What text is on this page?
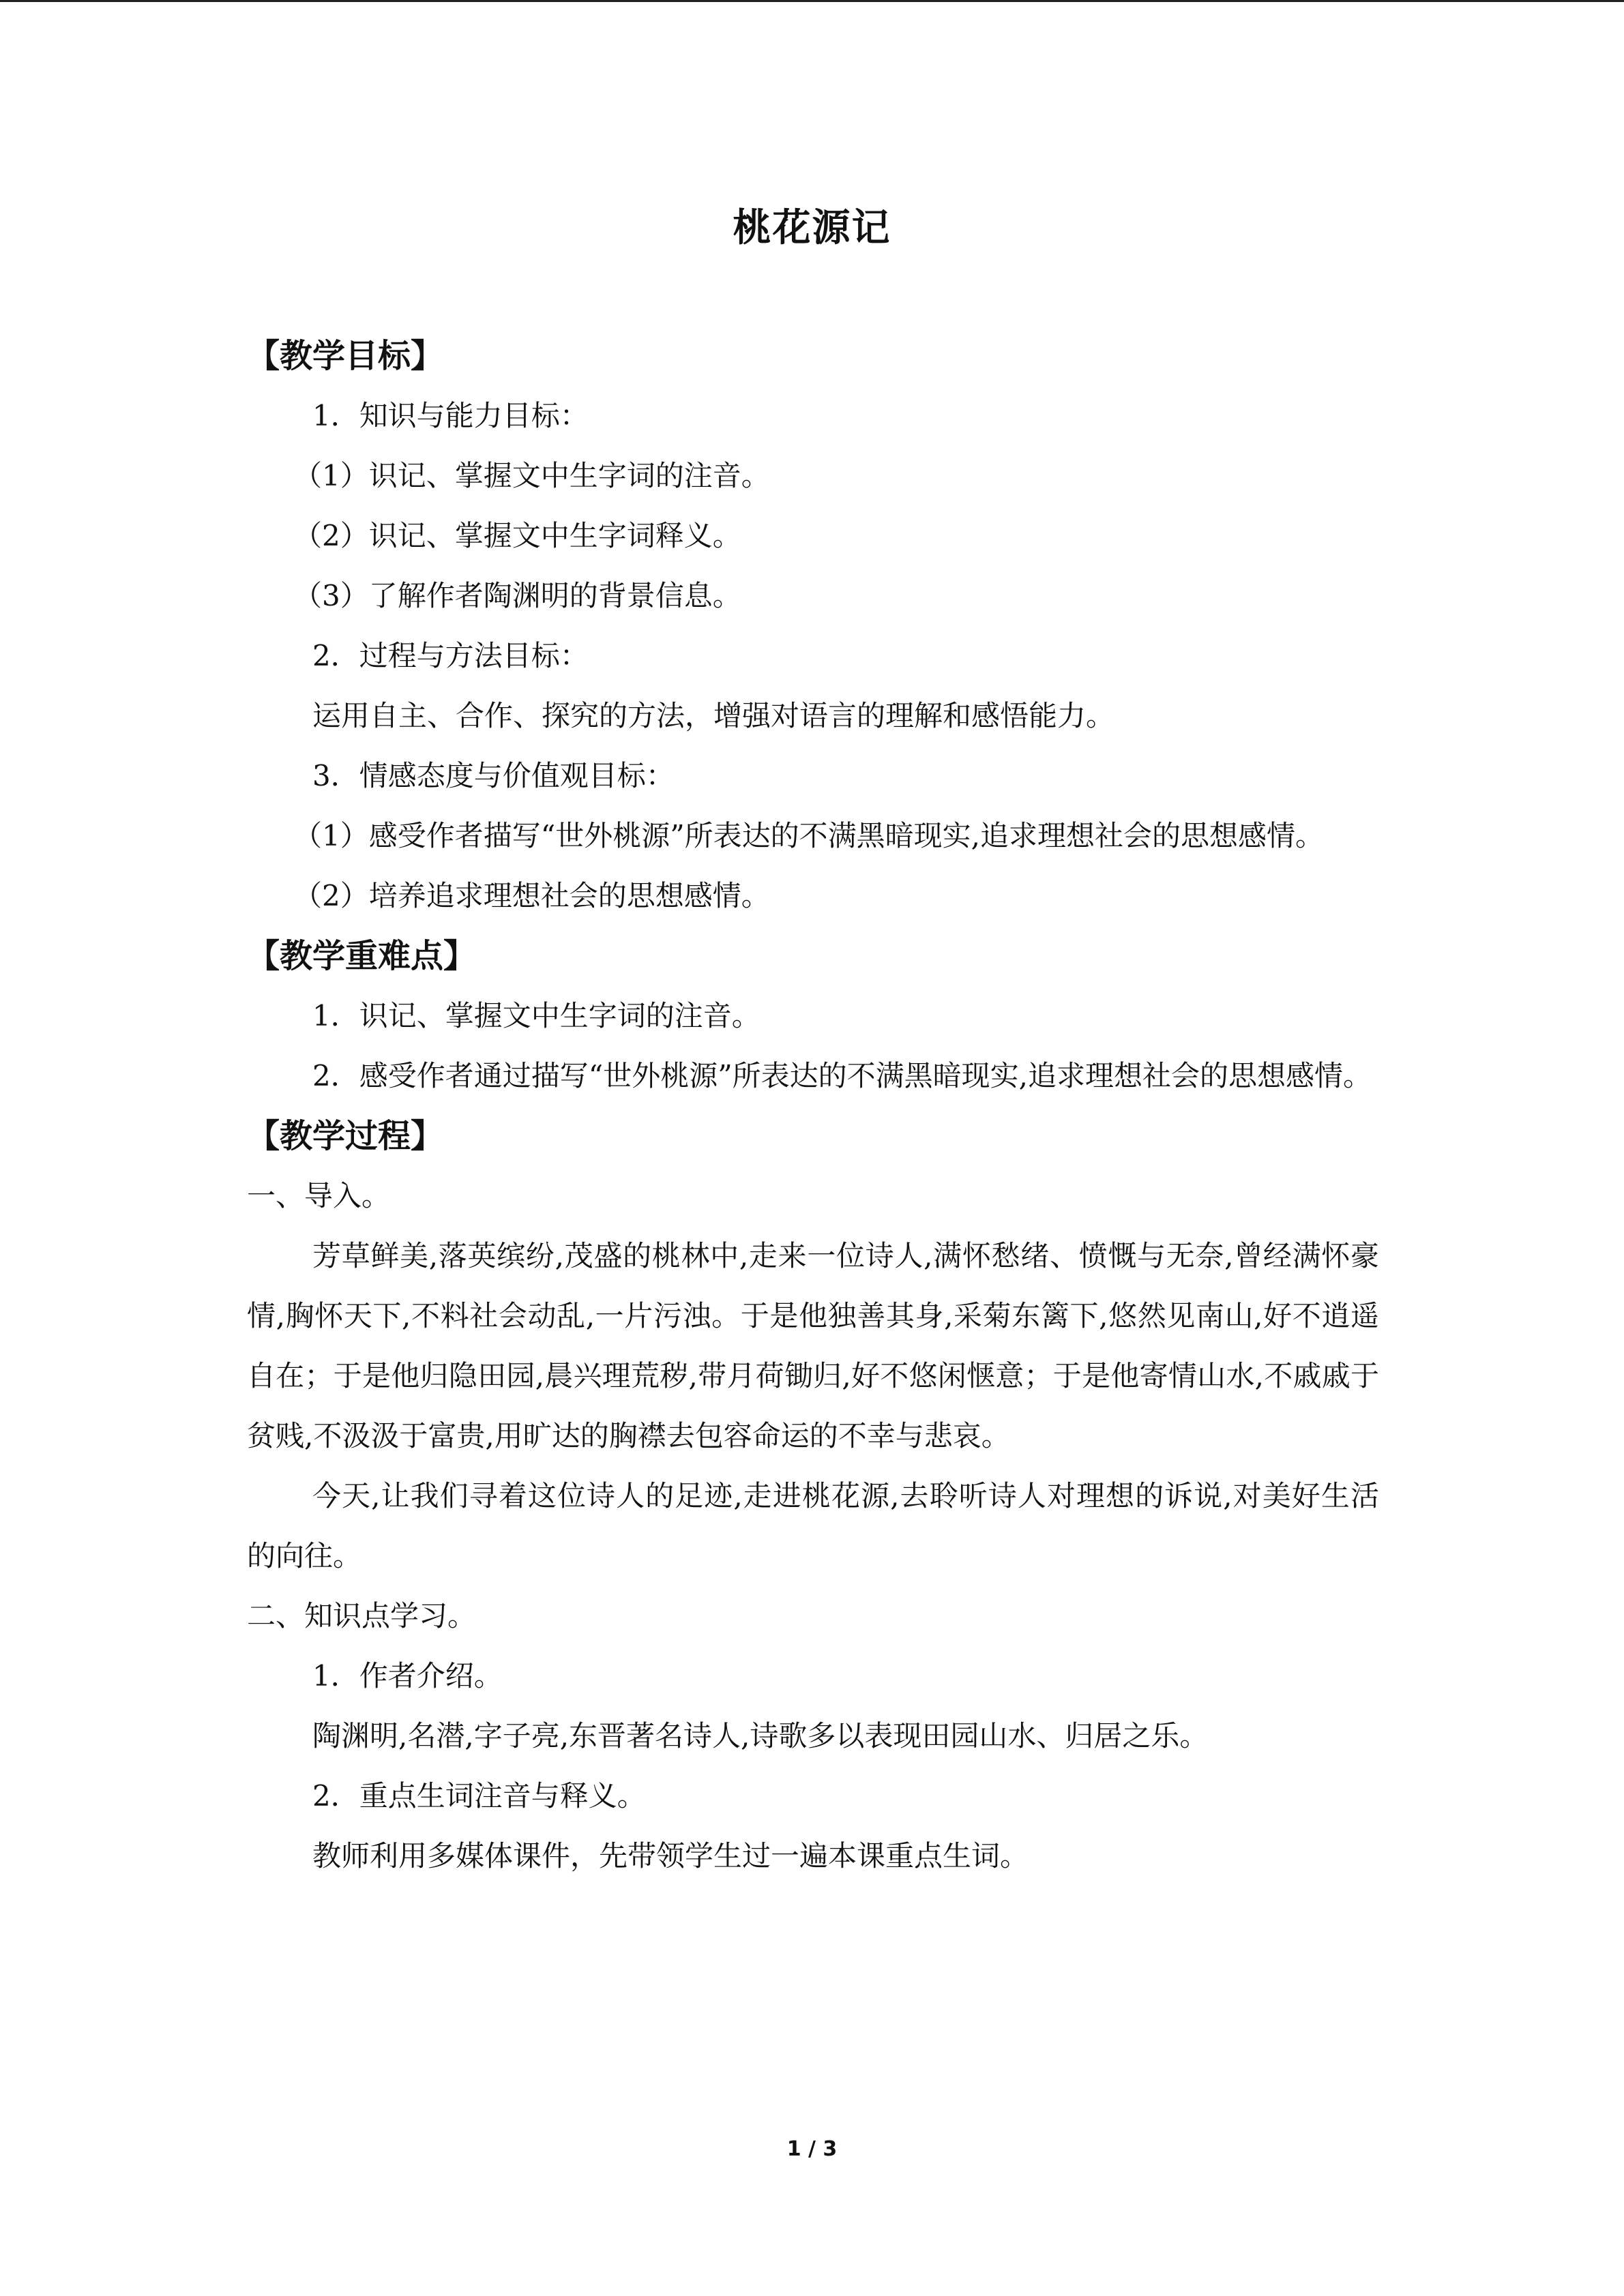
桃花源记
【教学目标】
1．知识与能力目标：
（1）识记、掌握文中生字词的注音。
（2）识记、掌握文中生字词释义。
（3）了解作者陶渊明的背景信息。
2．过程与方法目标：
运用自主、合作、探究的方法，增强对语言的理解和感悟能力。
3．情感态度与价值观目标：
（1）感受作者描写“世外桃源”所表达的不满黑暗现实,追求理想社会的思想感情。
（2）培养追求理想社会的思想感情。
【教学重难点】
1．识记、掌握文中生字词的注音。
2．感受作者通过描写“世外桃源”所表达的不满黑暗现实,追求理想社会的思想感情。
【教学过程】
一、导入。
芳草鲜美,落英缤纷,茂盛的桃林中,走来一位诗人,满怀愁绪、愤慨与无奈,曾经满怀豪情,胸怀天下,不料社会动乱,一片污浊。于是他独善其身,采菊东篱下,悠然见南山,好不逍遥自在；于是他归隐田园,晨兴理荒秽,带月荷锄归,好不悠闲惬意；于是他寄情山水,不戚戚于贫贱,不汲汲于富贵,用旷达的胸襟去包容命运的不幸与悲哀。
今天,让我们寻着这位诗人的足迹,走进桃花源,去聆听诗人对理想的诉说,对美好生活的向往。
二、知识点学习。
1．作者介绍。
陶渊明,名潜,字子亮,东晋著名诗人,诗歌多以表现田园山水、归居之乐。
2．重点生词注音与释义。
教师利用多媒体课件，先带领学生过一遍本课重点生词。
1 / 3
